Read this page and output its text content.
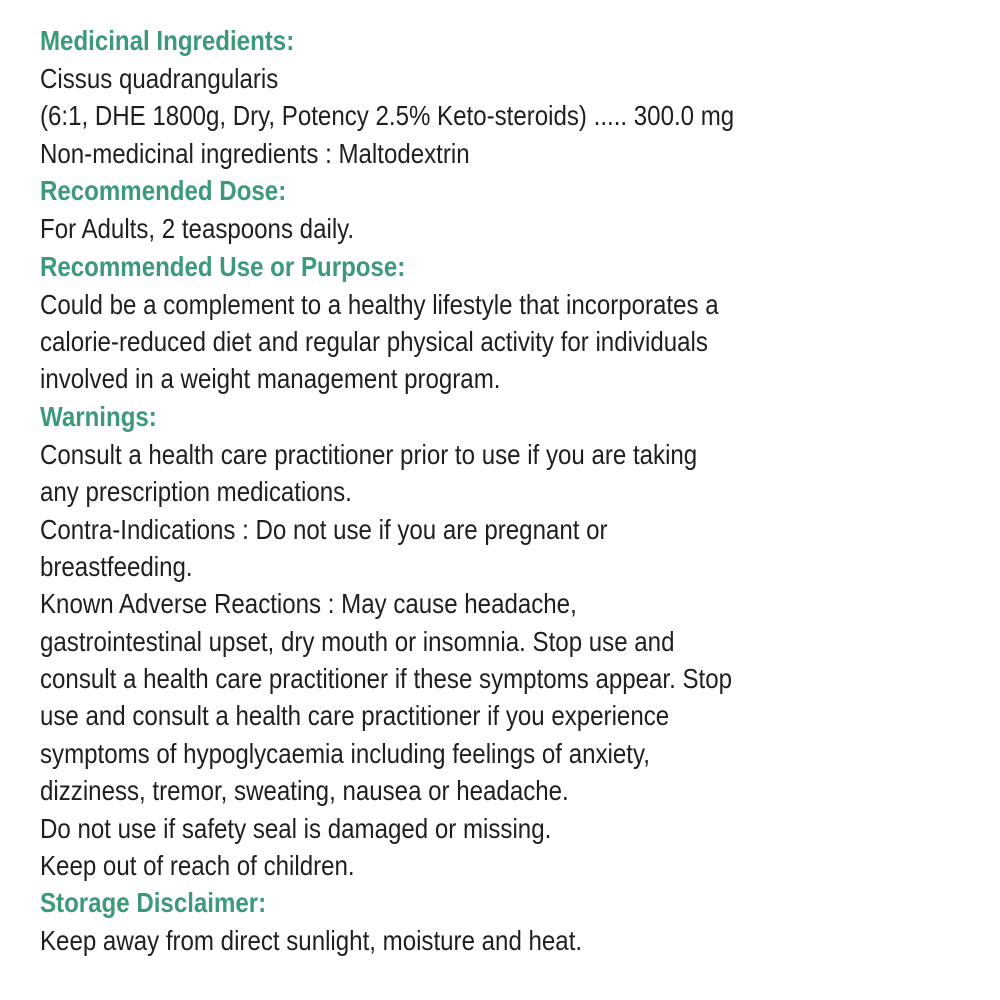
Medicinal Ingredients:
Cissus quadrangularis
(6:1, DHE 1800g, Dry, Potency 2.5% Keto-steroids) ..... 300.0 mg
Non-medicinal ingredients : Maltodextrin
Recommended Dose:
For Adults, 2 teaspoons daily.
Recommended Use or Purpose:
Could be a complement to a healthy lifestyle that incorporates a
calorie-reduced diet and regular physical activity for individuals
involved in a weight management program.
Warnings:
Consult a health care practitioner prior to use if you are taking
any prescription medications.
Contra-Indications : Do not use if you are pregnant or
breastfeeding.
Known Adverse Reactions : May cause headache,
gastrointestinal upset, dry mouth or insomnia. Stop use and
consult a health care practitioner if these symptoms appear. Stop
use and consult a health care practitioner if you experience
symptoms of hypoglycaemia including feelings of anxiety,
dizziness, tremor, sweating, nausea or headache.
Do not use if safety seal is damaged or missing.
Keep out of reach of children.
Storage Disclaimer:
Keep away from direct sunlight, moisture and heat.
